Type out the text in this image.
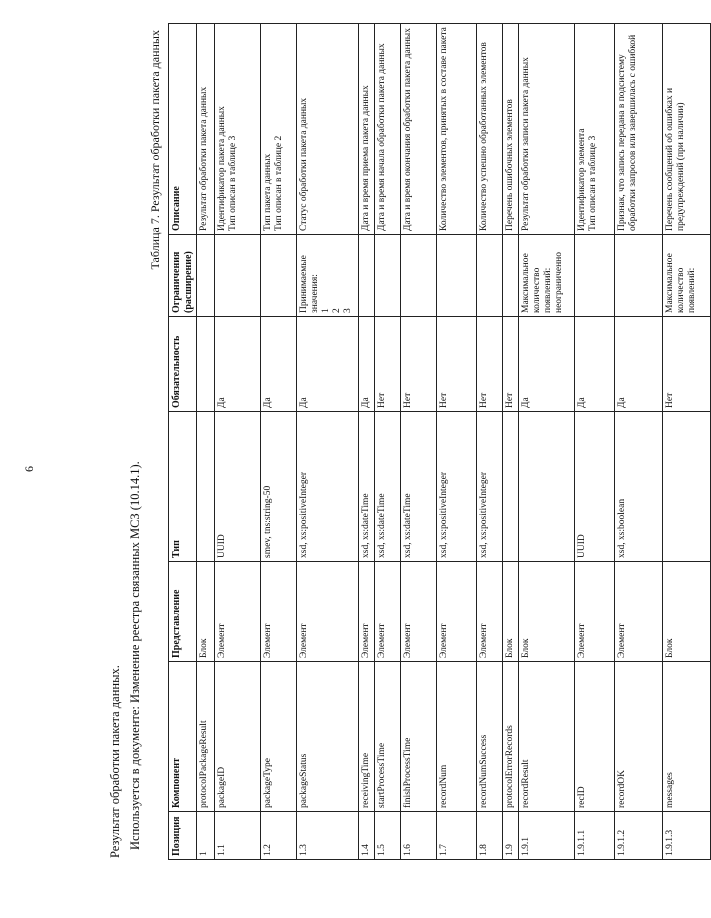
6
Результат обработки пакета данных. Используется в документе: Изменение реестра связанных МСЗ (10.14.1).
Таблица 7. Результат обработки пакета данных
Позиция	Компонент	Представление	Тип	Обязательность	Ограничения (расширение)	Описание
1	protocolPackageResult	Блок				Результат обработки пакета данных
1.1	packageID	Элемент	UUID	Да		Идентификатор пакета данных
Тип описан в таблице 3
1.2	packageType	Элемент	smev, tns:string-50	Да		Тип пакета данных
Тип описан в таблице 2
1.3	packageStatus	Элемент	xsd, xs:positiveInteger	Да	Принимаемые значения:
1
2
3	Статус обработки пакета данных
1.4	receivingTime	Элемент	xsd, xs:dateTime	Да		Дата и время приема пакета данных
1.5	startProcessTime	Элемент	xsd, xs:dateTime	Нет		Дата и время начала обработки пакета данных
1.6	finishProcessTime	Элемент	xsd, xs:dateTime	Нет		Дата и время окончания обработки пакета данных
1.7	recordNum	Элемент	xsd, xs:positiveInteger	Нет		Количество элементов, принятых в составе пакета
1.8	recordNumSuccess	Элемент	xsd, xs:positiveInteger	Нет		Количество успешно обработанных элементов
1.9	protocolErrorRecords	Блок		Нет		Перечень ошибочных элементов
1.9.1	recordResult	Блок		Да	Максимальное количество появлений: неограниченно	Результат обработки записи пакета данных
1.9.1.1	recID	Элемент	UUID	Да		Идентификатор элемента
Тип описан в таблице 3
1.9.1.2	recordOK	Элемент	xsd, xs:boolean	Да		Признак, что запись передана в подсистему обработки запросов или завершилась с ошибкой
1.9.1.3	messages	Блок		Нет	Максимальное количество появлений:	Перечень сообщений об ошибках и предупреждений (при наличии)
